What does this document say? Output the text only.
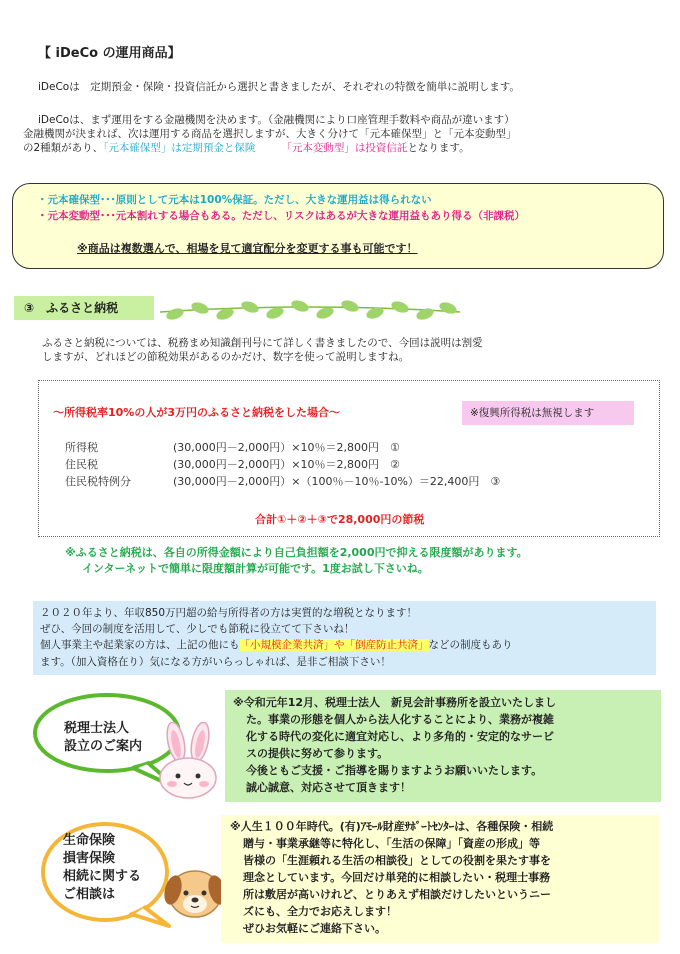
【 iDeCo の運用商品】
iDeCoは　定期預金・保険・投資信託から選択と書きましたが、それぞれの特徴を簡単に説明します。
iDeCoは、まず運用をする金融機関を決めます。（金融機関により口座管理手数料や商品が違います）
金融機関が決まれば、次は運用する商品を選択しますが、大きく分けて「元本確保型」と「元本変動型」
の2種類があり、「元本確保型」は定期預金と保険 「元本変動型」は投資信託となります。
・元本確保型･･･原則として元本は100%保証。ただし、大きな運用益は得られない
・元本変動型･･･元本割れする場合もある。ただし、リスクはあるが大きな運用益もあり得る（非課税）
※商品は複数選んで、相場を見て適宜配分を変更する事も可能です！
③　ふるさと納税
ふるさと納税については、税務まめ知識創刊号にて詳しく書きましたので、今回は説明は割愛
しますが、どれほどの節税効果があるのかだけ、数字を使って説明しますね。
～所得税率10%の人が3万円のふるさと納税をした場合～	※復興所得税は無視します
所得税	(30,000円－2,000円）×10％＝2,800円　①
住民税	(30,000円－2,000円）×10％＝2,800円　②
住民税特例分	(30,000円－2,000円）×（100％－10％-10%）＝22,400円　③
合計①＋②＋③で28,000円の節税
※ふるさと納税は、各自の所得金額により自己負担額を2,000円で抑える限度額があります。
インターネットで簡単に限度額計算が可能です。1度お試し下さいね。
２０２０年より、年収850万円超の給与所得者の方は実質的な増税となります！
ぜひ、今回の制度を活用して、少しでも節税に役立てて下さいね！
個人事業主や起業家の方は、上記の他にも「小規模企業共済」や「倒産防止共済」などの制度もあり
ます。（加入資格在り）気になる方がいらっしゃれば、是非ご相談下さい！
税理士法人
設立のご案内
※令和元年12月、税理士法人　新見会計事務所を設立いたしまし
た。事業の形態を個人から法人化することにより、業務が複雑
化する時代の変化に適宜対応し、より多角的・安定的なサービ
スの提供に努めて参ります。
今後ともご支援・ご指導を賜りますようお願いいたします。
誠心誠意、対応させて頂きます！
生命保険
損害保険
相続に関する
ご相談は
※人生１００年時代。(有)ｱﾓｰﾙ財産ｻﾎﾟｰﾄｾﾝﾀｰは、各種保険・相続
贈与・事業承継等に特化し、「生活の保障」「資産の形成」等
皆様の「生涯頼れる生活の相談役」としての役割を果たす事を
理念としています。今回だけ単発的に相談したい・税理士事務
所は敷居が高いけれど、とりあえず相談だけしたいというニー
ズにも、全力でお応えします！
ぜひお気軽にご連絡下さい。
